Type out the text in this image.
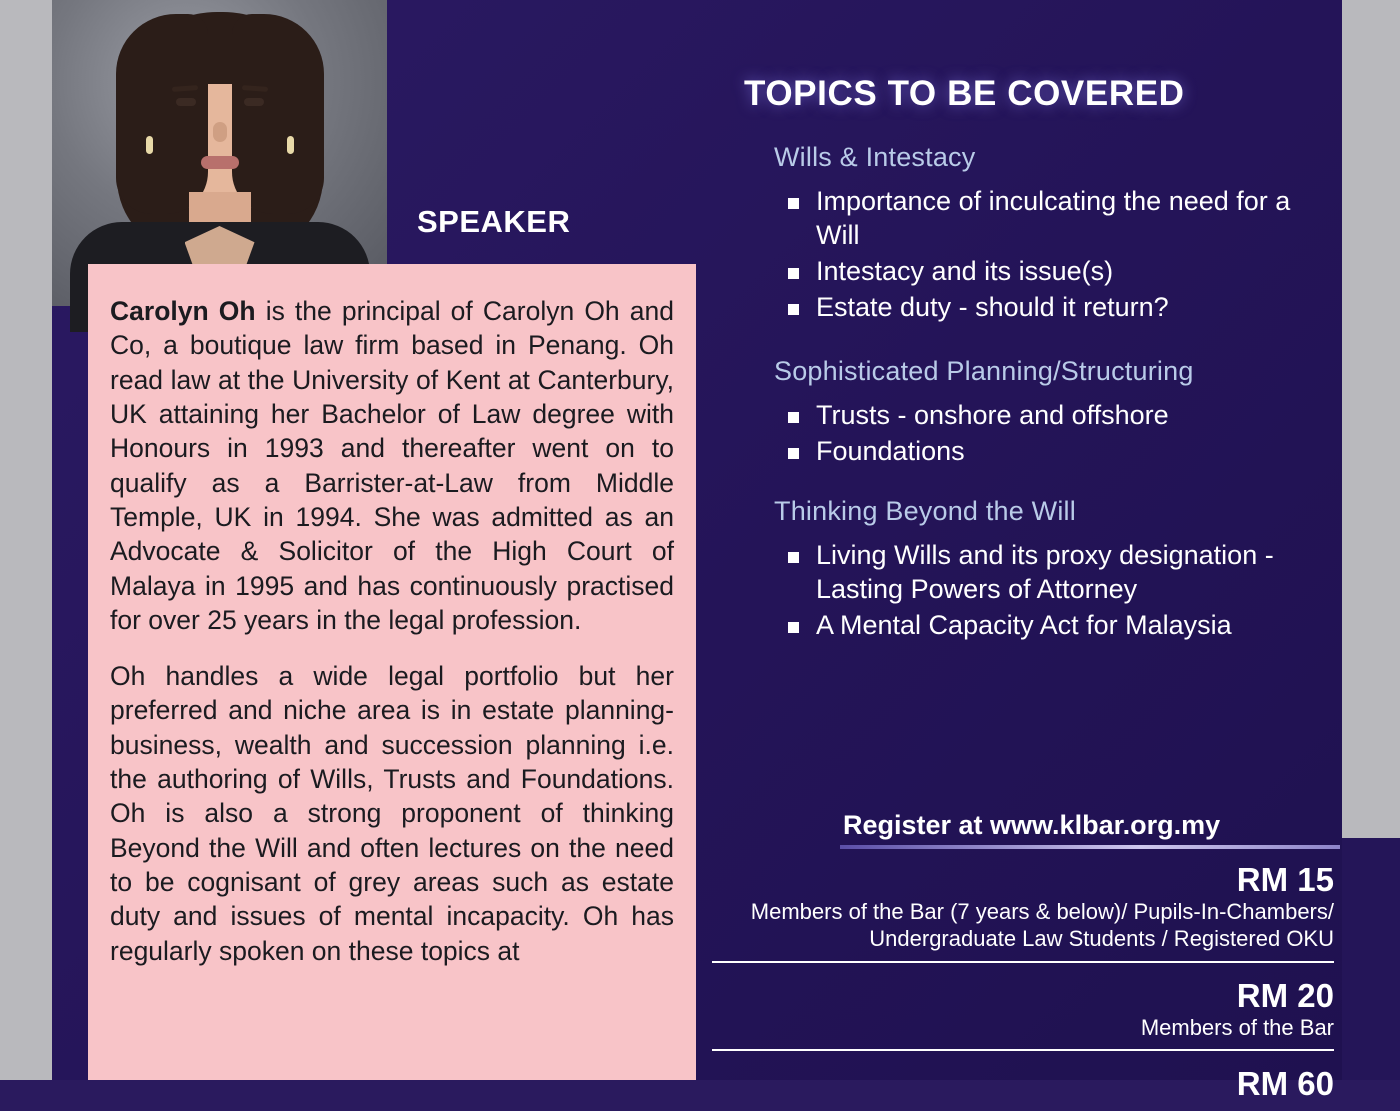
SPEAKER

Carolyn Oh is the principal of Carolyn Oh and Co, a boutique law firm based in Penang. Oh read law at the University of Kent at Canterbury, UK attaining her Bachelor of Law degree with Honours in 1993 and thereafter went on to qualify as a Barrister-at-Law from Middle Temple, UK in 1994. She was admitted as an Advocate & Solicitor of the High Court of Malaya in 1995 and has continuously practised for over 25 years in the legal profession.

Oh handles a wide legal portfolio but her preferred and niche area is in estate planning-business, wealth and succession planning i.e. the authoring of Wills, Trusts and Foundations. Oh is also a strong proponent of thinking Beyond the Will and often lectures on the need to be cognisant of grey areas such as estate duty and issues of mental incapacity. Oh has regularly spoken on these topics at

TOPICS TO BE COVERED
Wills & Intestacy
Importance of inculcating the need for a Will
Intestacy and its issue(s)
Estate duty - should it return?
Sophisticated Planning/Structuring
Trusts - onshore and offshore
Foundations
Thinking Beyond the Will
Living Wills and its proxy designation - Lasting Powers of Attorney
A Mental Capacity Act for Malaysia
Register at www.klbar.org.my
RM 15
Members of the Bar (7 years & below)/ Pupils-In-Chambers/ Undergraduate Law Students / Registered OKU
RM 20
Members of the Bar
RM 60
